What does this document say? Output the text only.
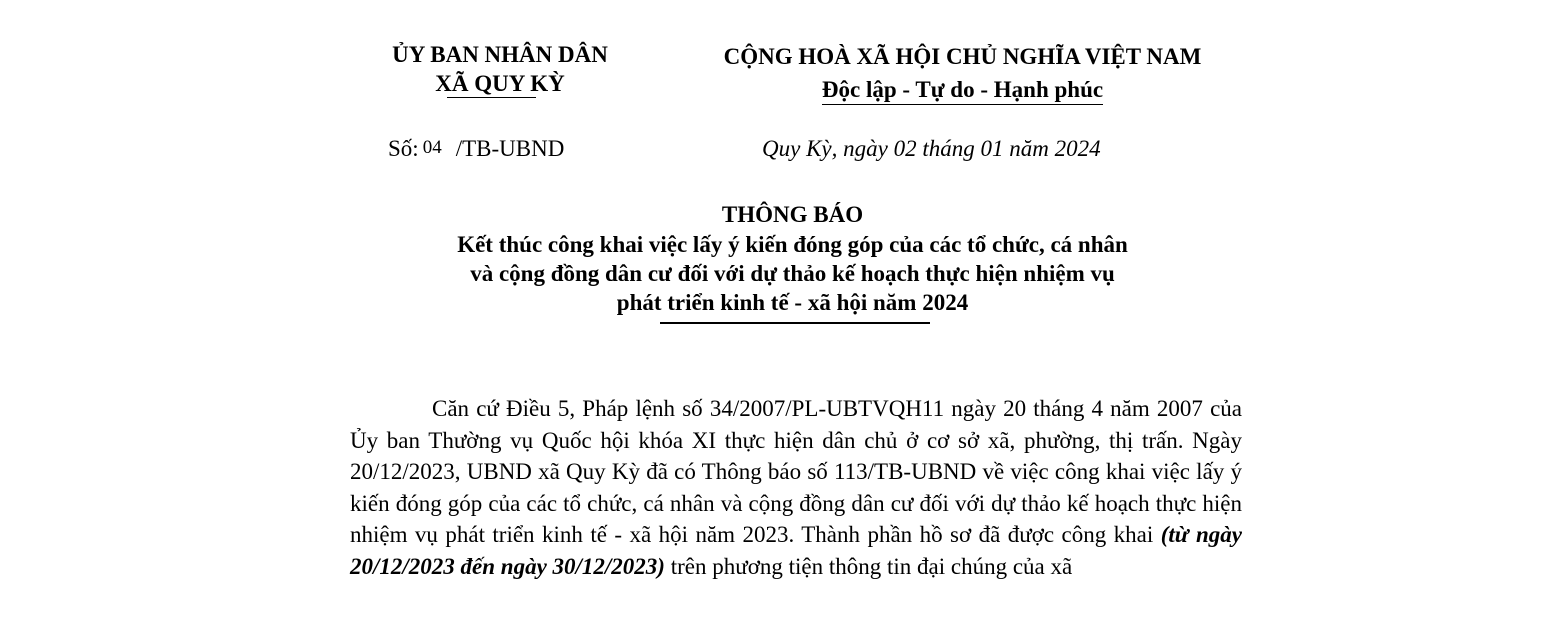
ỦY BAN NHÂN DÂN
XÃ QUY KỲ
CỘNG HOÀ XÃ HỘI CHỦ NGHĨA VIỆT NAM
Độc lập - Tự do - Hạnh phúc
Số: 04 /TB-UBND	Quy Kỳ, ngày 02 tháng 01 năm 2024
THÔNG BÁO
Kết thúc công khai việc lấy ý kiến đóng góp của các tổ chức, cá nhân
và cộng đồng dân cư đối với dự thảo kế hoạch thực hiện nhiệm vụ
phát triển kinh tế - xã hội năm 2024

Căn cứ Điều 5, Pháp lệnh số 34/2007/PL-UBTVQH11 ngày 20 tháng 4 năm 2007 của Ủy ban Thường vụ Quốc hội khóa XI thực hiện dân chủ ở cơ sở xã, phường, thị trấn. Ngày 20/12/2023, UBND xã Quy Kỳ đã có Thông báo số 113/TB-UBND về việc công khai việc lấy ý kiến đóng góp của các tổ chức, cá nhân và cộng đồng dân cư đối với dự thảo kế hoạch thực hiện nhiệm vụ phát triển kinh tế - xã hội năm 2023. Thành phần hồ sơ đã được công khai (từ ngày 20/12/2023 đến ngày 30/12/2023) trên phương tiện thông tin đại chúng của xã
